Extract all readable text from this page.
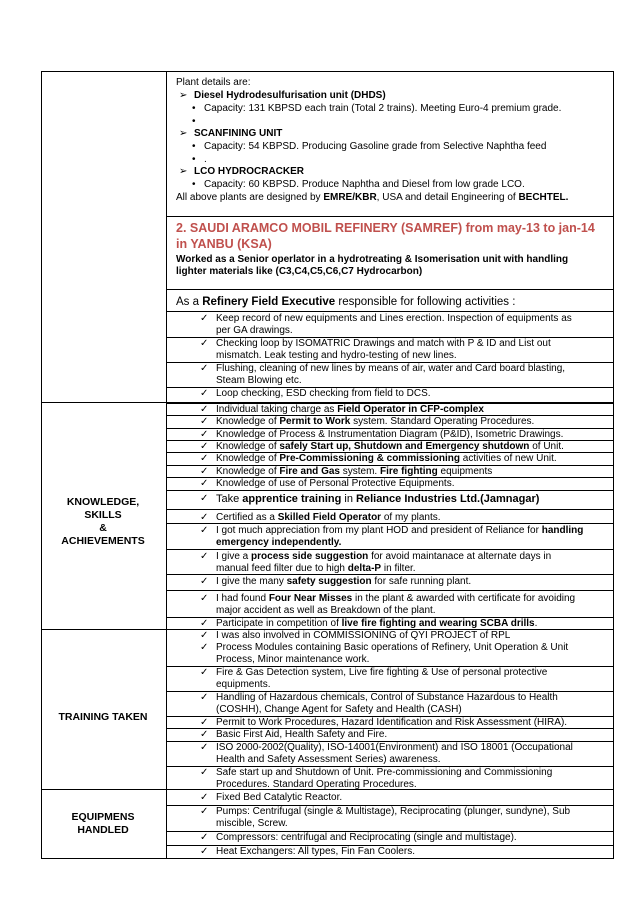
Plant details are:
➢ Diesel Hydrodesulfurisation unit (DHDS)
• Capacity: 131 KBPSD each train (Total 2 trains). Meeting Euro-4 premium grade.
•
➢ SCANFINING UNIT
• Capacity: 54 KBPSD. Producing Gasoline grade from Selective Naphtha feed
• .
➢ LCO HYDROCRACKER
• Capacity: 60 KBPSD. Produce Naphtha and Diesel from low grade LCO.
All above plants are designed by EMRE/KBR, USA and detail Engineering of BECHTEL.
2. SAUDI ARAMCO MOBIL REFINERY (SAMREF) from may-13 to jan-14
in YANBU (KSA)
Worked as a Senior operlator in a hydrotreating & Isomerisation unit with handling
lighter materials like (C3,C4,C5,C6,C7 Hydrocarbon)
As a Refinery Field Executive responsible for following activities :
✓ Keep record of new equipments and Lines erection. Inspection of equipments as
per GA drawings.
✓ Checking loop by ISOMATRIC Drawings and match with P & ID and List out
mismatch. Leak testing and hydro-testing of new lines.
✓ Flushing, cleaning of new lines by means of air, water and Card board blasting,
Steam Blowing etc.
✓ Loop checking, ESD checking from field to DCS.
KNOWLEDGE,
SKILLS
&
ACHIEVEMENTS
✓ Individual taking charge as Field Operator in CFP-complex
✓ Knowledge of Permit to Work system. Standard Operating Procedures.
✓ Knowledge of Process & Instrumentation Diagram (P&ID), Isometric Drawings.
✓ Knowledge of safely Start up, Shutdown and Emergency shutdown of Unit.
✓ Knowledge of Pre-Commissioning & commissioning activities of new Unit.
✓ Knowledge of Fire and Gas system. Fire fighting equipments
✓ Knowledge of use of Personal Protective Equipments.
✓ Take apprentice training in Reliance Industries Ltd.(Jamnagar)
✓ Certified as a Skilled Field Operator of my plants.
✓ I got much appreciation from my plant HOD and president of Reliance for handling
emergency independently.
✓ I give a process side suggestion for avoid maintanace at alternate days in
manual feed filter due to high delta-P in filter.
✓ I give the many safety suggestion for safe running plant.
✓ I had found Four Near Misses in the plant & awarded with certificate for avoiding
major accident as well as Breakdown of the plant.
✓ Participate in competition of live fire fighting and wearing SCBA drills.
✓ I was also involved in COMMISSIONING of QYI PROJECT of RPL
TRAINING TAKEN
✓ Process Modules containing Basic operations of Refinery, Unit Operation & Unit
Process, Minor maintenance work.
✓ Fire & Gas Detection system, Live fire fighting & Use of personal protective
equipments.
✓ Handling of Hazardous chemicals, Control of Substance Hazardous to Health
(COSHH), Change Agent for Safety and Health (CASH)
✓ Permit to Work Procedures, Hazard Identification and Risk Assessment (HIRA).
✓ Basic First Aid, Health Safety and Fire.
✓ ISO 2000-2002(Quality), ISO-14001(Environment) and ISO 18001 (Occupational
Health and Safety Assessment Series) awareness.
✓ Safe start up and Shutdown of Unit. Pre-commissioning and Commissioning
Procedures. Standard Operating Procedures.
EQUIPMENS
HANDLED
✓ Fixed Bed Catalytic Reactor.
✓ Pumps: Centrifugal (single & Multistage), Reciprocating (plunger, sundyne), Sub
miscible, Screw.
✓ Compressors: centrifugal and Reciprocating (single and multistage).
✓ Heat Exchangers: All types, Fin Fan Coolers.
